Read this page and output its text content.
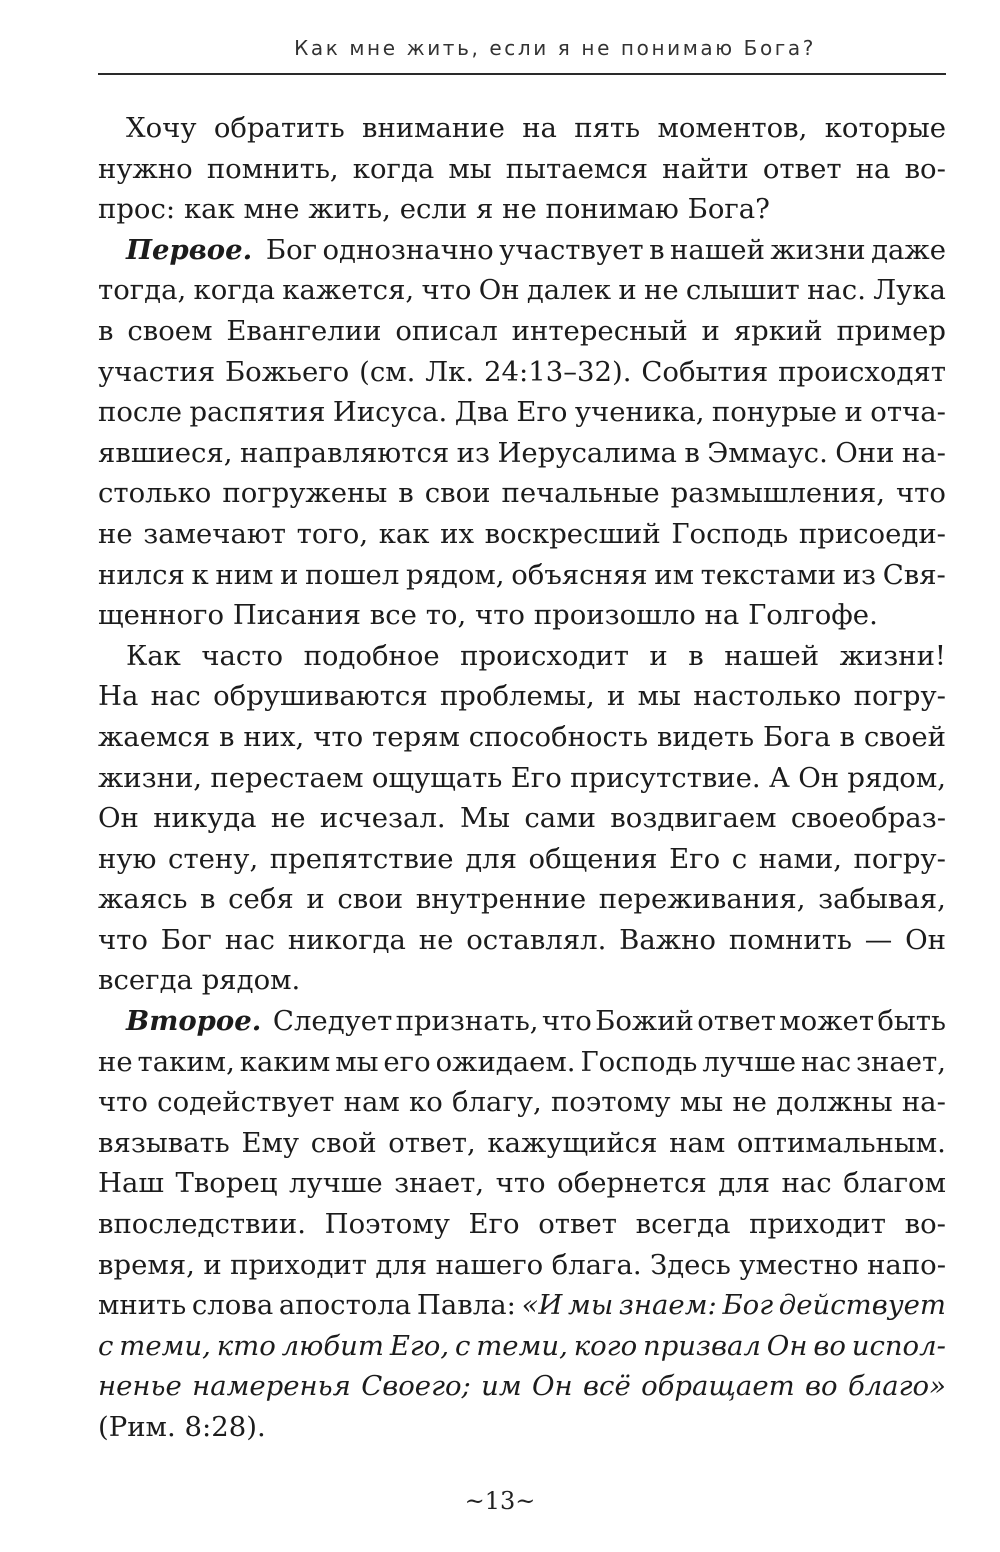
Как мне жить, если я не понимаю Бога?
Хочу обратить внимание на пять моментов, которые
нужно помнить, когда мы пытаемся найти ответ на во-
прос: как мне жить, если я не понимаю Бога?
Первое. Бог однозначно участвует в нашей жизни даже
тогда, когда кажется, что Он далек и не слышит нас. Лука
в своем Евангелии описал интересный и яркий пример
участия Божьего (см. Лк. 24:13–32). События происходят
после распятия Иисуса. Два Его ученика, понурые и отча-
явшиеся, направляются из Иерусалима в Эммаус. Они на-
столько погружены в свои печальные размышления, что
не замечают того, как их воскресший Господь присоеди-
нился к ним и пошел рядом, объясняя им текстами из Свя-
щенного Писания все то, что произошло на Голгофе.
Как часто подобное происходит и в нашей жизни!
На нас обрушиваются проблемы, и мы настолько погру-
жаемся в них, что терям способность видеть Бога в своей
жизни, перестаем ощущать Его присутствие. А Он рядом,
Он никуда не исчезал. Мы сами воздвигаем своеобраз-
ную стену, препятствие для общения Его с нами, погру-
жаясь в себя и свои внутренние переживания, забывая,
что Бог нас никогда не оставлял. Важно помнить — Он
всегда рядом.
Второе. Следует признать, что Божий ответ может быть
не таким, каким мы его ожидаем. Господь лучше нас знает,
что содействует нам ко благу, поэтому мы не должны на-
вязывать Ему свой ответ, кажущийся нам оптимальным.
Наш Творец лучше знает, что обернется для нас благом
впоследствии. Поэтому Его ответ всегда приходит во-
время, и приходит для нашего блага. Здесь уместно напо-
мнить слова апостола Павла: «И мы знаем: Бог действует
с теми, кто любит Его, с теми, кого призвал Он во испол-
ненье намеренья Своего; им Он всё обращает во благо»
(Рим. 8:28).
~13~
